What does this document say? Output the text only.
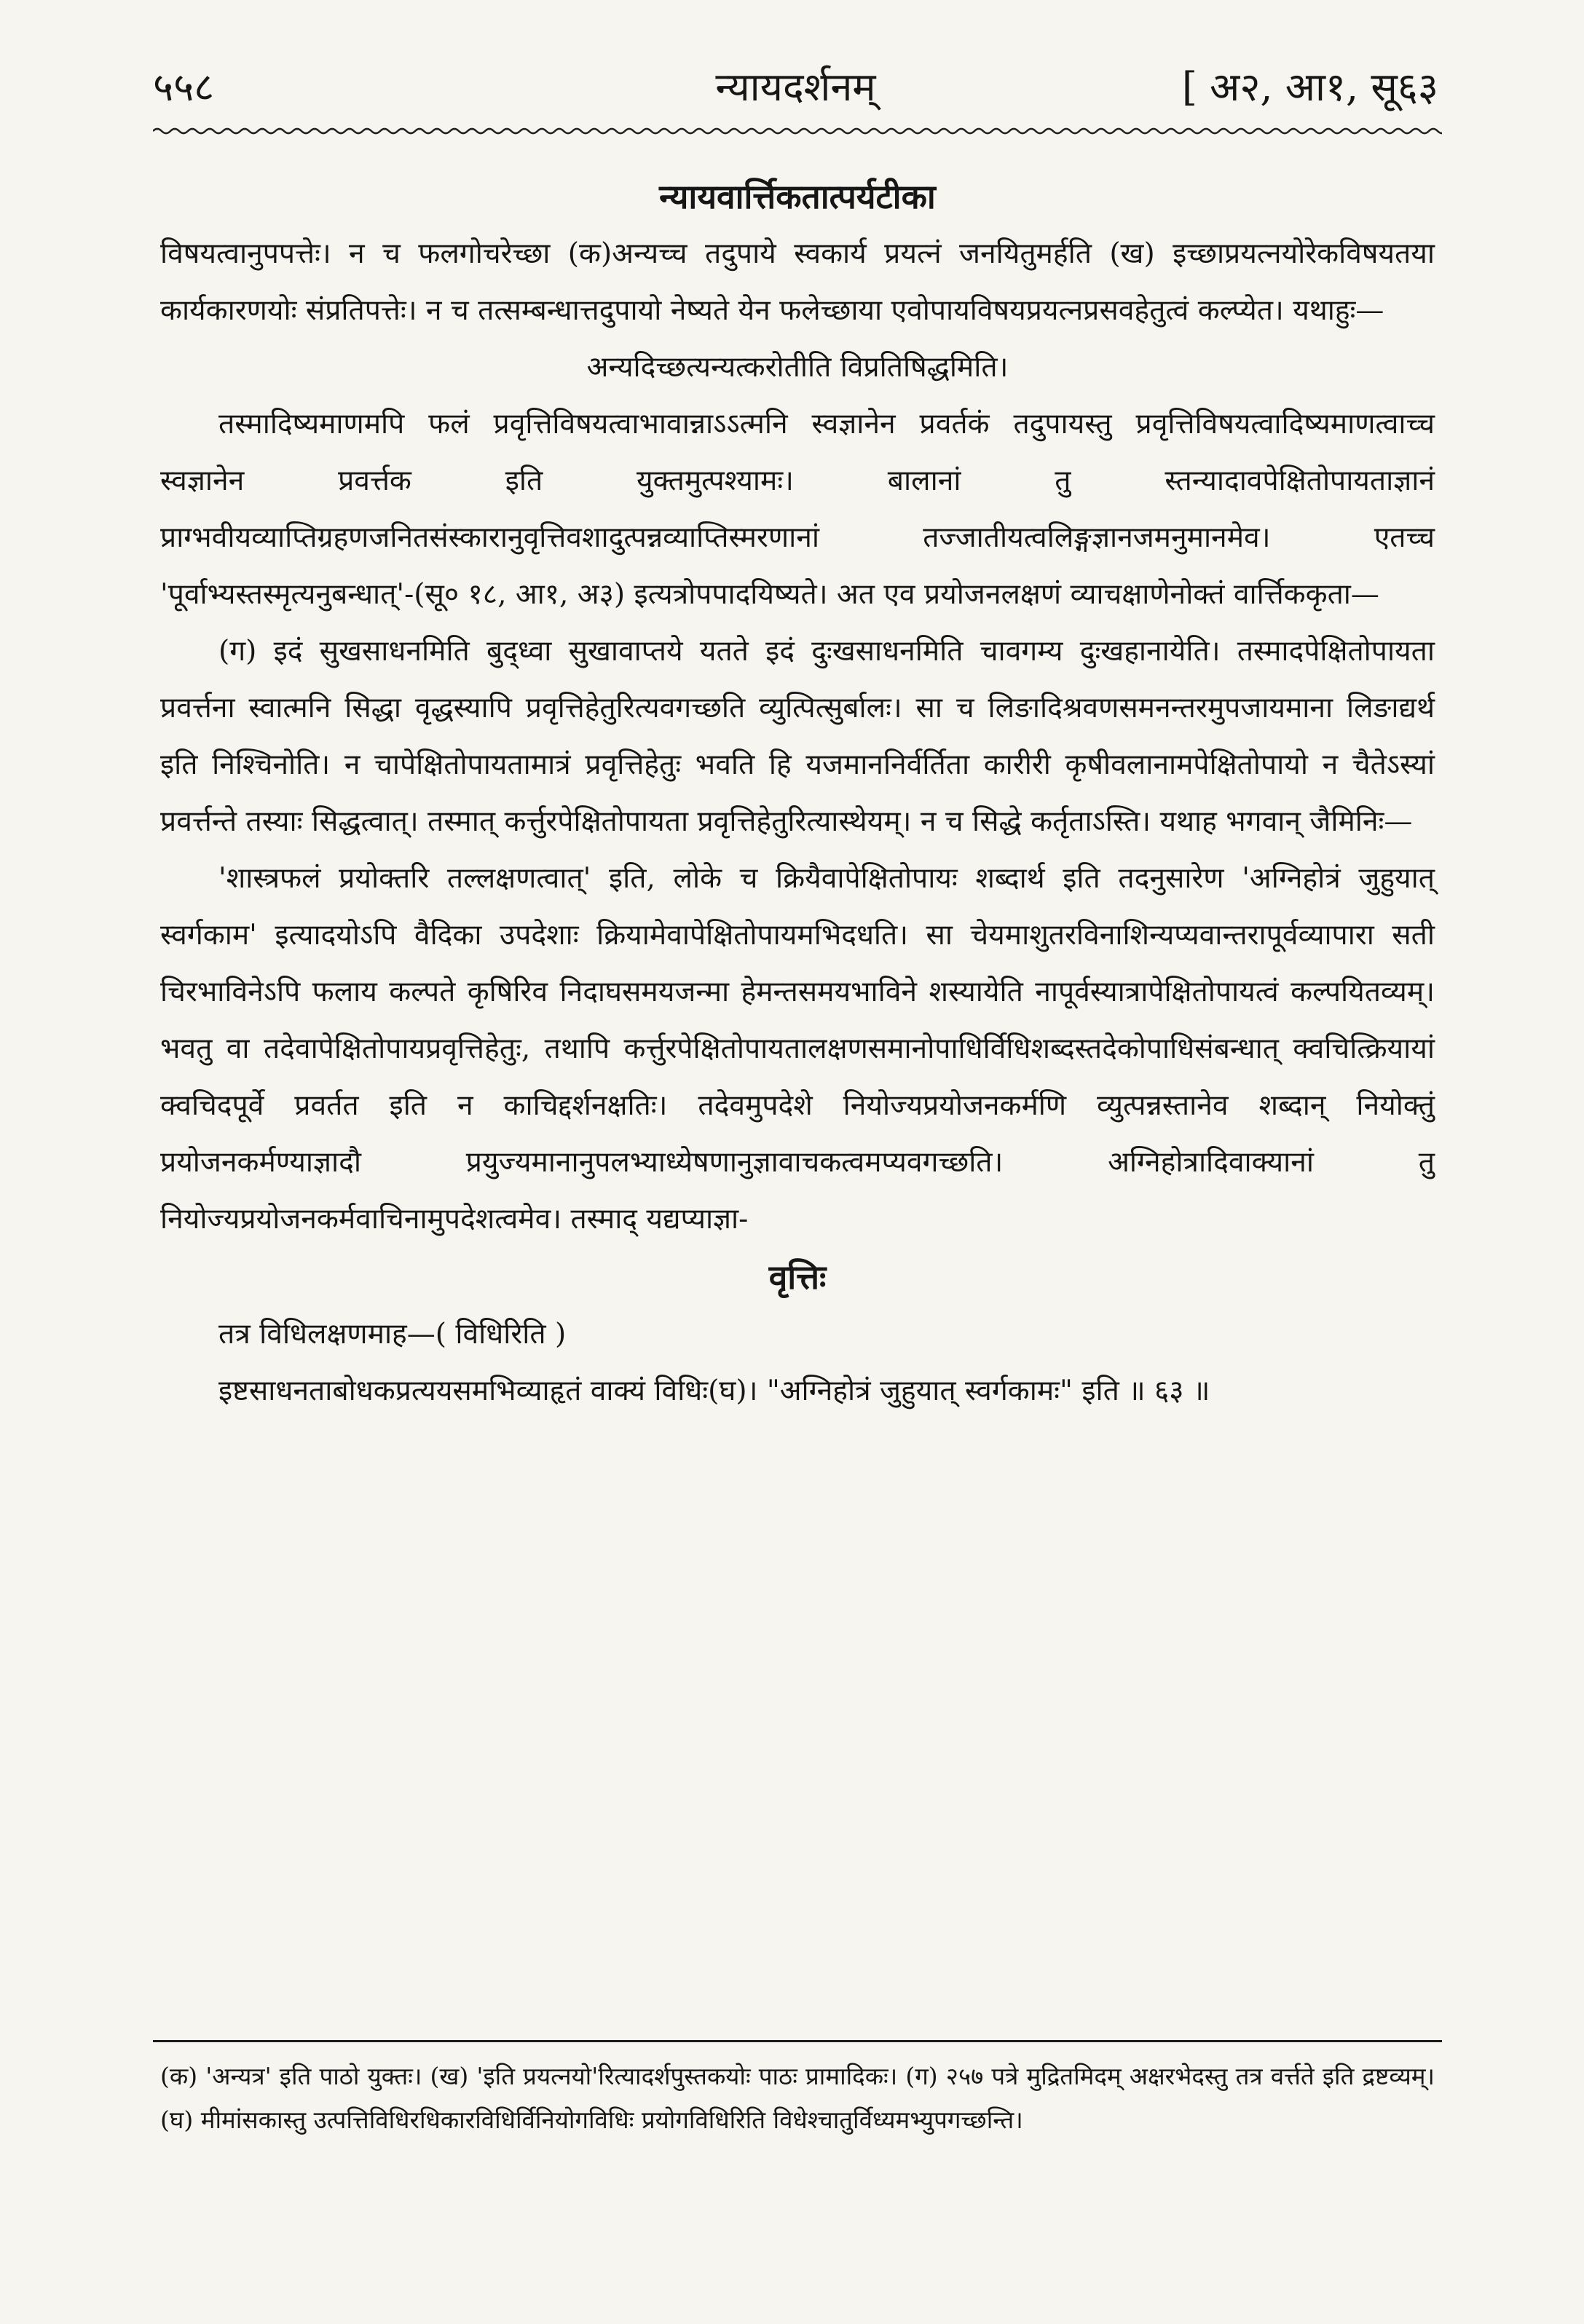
५५८	न्यायदर्शनम्	[ अ२, आ१, सू६३
न्यायवार्त्तिकतात्पर्यटीका

विषयत्वानुपपत्तेः। न च फलगोचरेच्छा (क)अन्यच्च तदुपाये स्वकार्य प्रयत्नं जनयितुमर्हति (ख) इच्छाप्रयत्नयोरेकविषयतया कार्यकारणयोः संप्रतिपत्तेः। न च तत्सम्बन्धात्तदुपायो नेष्यते येन फलेच्छाया एवोपायविषयप्रयत्नप्रसवहेतुत्वं कल्प्येत। यथाहुः—

अन्यदिच्छत्यन्यत्करोतीति विप्रतिषिद्धमिति।

तस्मादिष्यमाणमपि फलं प्रवृत्तिविषयत्वाभावान्नाऽऽत्मनि स्वज्ञानेन प्रवर्तकं तदुपायस्तु प्रवृत्तिविषयत्वादिष्यमाणत्वाच्च स्वज्ञानेन प्रवर्त्तक इति युक्तमुत्पश्यामः। बालानां तु स्तन्यादावपेक्षितोपायताज्ञानं प्राग्भवीयव्याप्तिग्रहणजनितसंस्कारानुवृत्तिवशादुत्पन्नव्याप्तिस्मरणानां तज्जातीयत्वलिङ्गज्ञानजमनुमानमेव। एतच्च 'पूर्वाभ्यस्तस्मृत्यनुबन्धात्'-(सू० १८, आ१, अ३) इत्यत्रोपपादयिष्यते। अत एव प्रयोजनलक्षणं व्याचक्षाणेनोक्तं वार्त्तिककृता—

(ग) इदं सुखसाधनमिति बुद्ध्वा सुखावाप्तये यतते इदं दुःखसाधनमिति चावगम्य दुःखहानायेति। तस्मादपेक्षितोपायता प्रवर्त्तना स्वात्मनि सिद्धा वृद्धस्यापि प्रवृत्तिहेतुरित्यवगच्छति व्युत्पित्सुर्बालः। सा च लिङादिश्रवणसमनन्तरमुपजायमाना लिङाद्यर्थ इति निश्चिनोति। न चापेक्षितोपायतामात्रं प्रवृत्तिहेतुः भवति हि यजमाननिर्वर्तिता कारीरी कृषीवलानामपेक्षितोपायो न चैतेऽस्यां प्रवर्त्तन्ते तस्याः सिद्धत्वात्। तस्मात् कर्त्तुरपेक्षितोपायता प्रवृत्तिहेतुरित्यास्थेयम्। न च सिद्धे कर्तृताऽस्ति। यथाह भगवान् जैमिनिः—

'शास्त्रफलं प्रयोक्तरि तल्लक्षणत्वात्' इति, लोके च क्रियैवापेक्षितोपायः शब्दार्थ इति तदनुसारेण 'अग्निहोत्रं जुहुयात् स्वर्गकाम' इत्यादयोऽपि वैदिका उपदेशाः क्रियामेवापेक्षितोपायमभिदधति। सा चेयमाशुतरविनाशिन्यप्यवान्तरापूर्वव्यापारा सती चिरभाविनेऽपि फलाय कल्पते कृषिरिव निदाघसमयजन्मा हेमन्तसमयभाविने शस्यायेति नापूर्वस्यात्रापेक्षितोपायत्वं कल्पयितव्यम्। भवतु वा तदेवापेक्षितोपायप्रवृत्तिहेतुः, तथापि कर्त्तुरपेक्षितोपायतालक्षणसमानोपाधिर्विधिशब्दस्तदेकोपाधिसंबन्धात् क्वचित्क्रियायां क्वचिदपूर्वे प्रवर्तत इति न काचिद्दर्शनक्षतिः। तदेवमुपदेशे नियोज्यप्रयोजनकर्मणि व्युत्पन्नस्तानेव शब्दान् नियोक्तुं प्रयोजनकर्मण्याज्ञादौ प्रयुज्यमानानुपलभ्याध्येषणानुज्ञावाचकत्वमप्यवगच्छति। अग्निहोत्रादिवाक्यानां तु नियोज्यप्रयोजनकर्मवाचिनामुपदेशत्वमेव। तस्माद् यद्यप्याज्ञा-

वृत्तिः

तत्र विधिलक्षणमाह—( विधिरिति )

इष्टसाधनताबोधकप्रत्ययसमभिव्याहृतं वाक्यं विधिः(घ)। "अग्निहोत्रं जुहुयात् स्वर्गकामः" इति ॥ ६३ ॥

(क) 'अन्यत्र' इति पाठो युक्तः। (ख) 'इति प्रयत्नयो'रित्यादर्शपुस्तकयोः पाठः प्रामादिकः। (ग) २५७ पत्रे मुद्रितमिदम् अक्षरभेदस्तु तत्र वर्त्तते इति द्रष्टव्यम्। (घ) मीमांसकास्तु उत्पत्तिविधिरधिकारविधिर्विनियोगविधिः प्रयोगविधिरिति विधेश्चातुर्विध्यमभ्युपगच्छन्ति।
